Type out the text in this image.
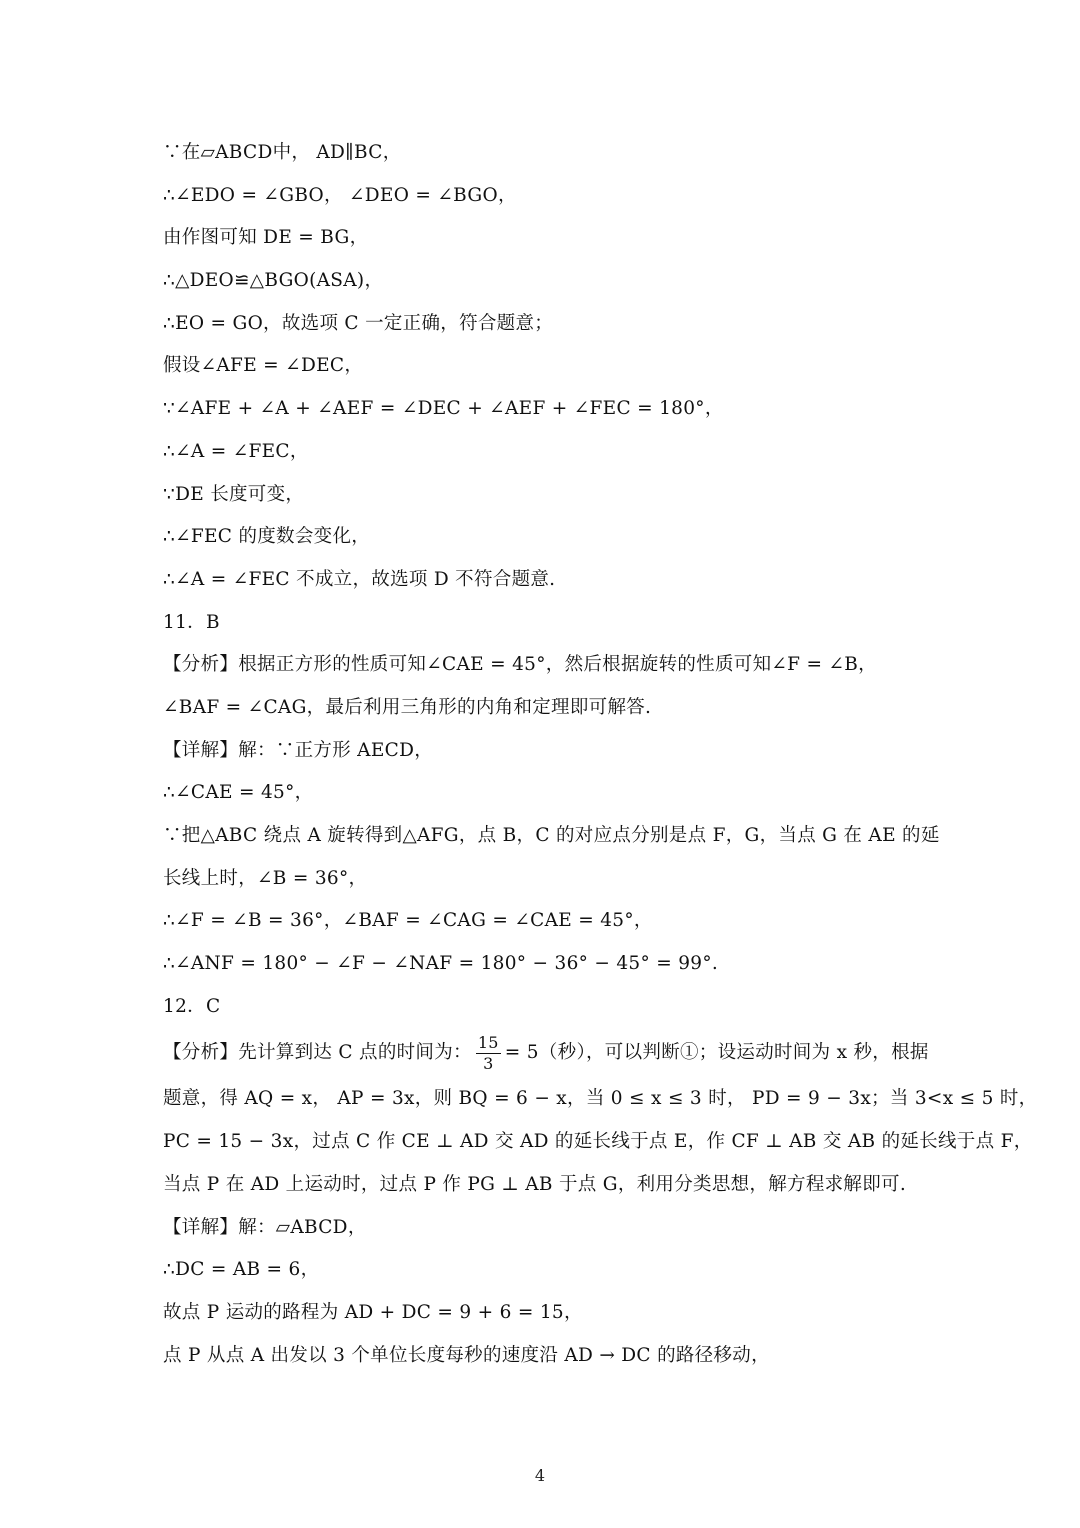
∵在▱ABCD中， AD∥BC，
∴∠EDO = ∠GBO， ∠DEO = ∠BGO，
由作图可知 DE = BG，
∴△DEO≌△BGO(ASA)，
∴EO = GO，故选项 C 一定正确，符合题意；
假设∠AFE = ∠DEC，
∵∠AFE + ∠A + ∠AEF = ∠DEC + ∠AEF + ∠FEC = 180°，
∴∠A = ∠FEC，
∵DE 长度可变，
∴∠FEC 的度数会变化，
∴∠A = ∠FEC 不成立，故选项 D 不符合题意.
11．B
【分析】根据正方形的性质可知∠CAE = 45°，然后根据旋转的性质可知∠F = ∠B，
∠BAF = ∠CAG，最后利用三角形的内角和定理即可解答.
【详解】解：∵正方形 AECD，
∴∠CAE = 45°，
∵把△ABC 绕点 A 旋转得到△AFG，点 B，C 的对应点分别是点 F，G，当点 G 在 AE 的延
长线上时，∠B = 36°，
∴∠F = ∠B = 36°，∠BAF = ∠CAG = ∠CAE = 45°，
∴∠ANF = 180° − ∠F − ∠NAF = 180° − 36° − 45° = 99°.
12．C
【分析】先计算到达 C 点的时间为： $\frac{15}{3} = 5$（秒），可以判断①；设运动时间为 x 秒，根据
题意，得 AQ = x， AP = 3x，则 BQ = 6 − x，当 0 ≤ x ≤ 3 时， PD = 9 − 3x；当 3<x ≤ 5 时，
PC = 15 − 3x，过点 C 作 CE ⊥ AD 交 AD 的延长线于点 E，作 CF ⊥ AB 交 AB 的延长线于点 F，
当点 P 在 AD 上运动时，过点 P 作 PG ⊥ AB 于点 G，利用分类思想，解方程求解即可.
【详解】解：▱ABCD，
∴DC = AB = 6，
故点 P 运动的路程为 AD + DC = 9 + 6 = 15，
点 P 从点 A 出发以 3 个单位长度每秒的速度沿 AD → DC 的路径移动，
4
